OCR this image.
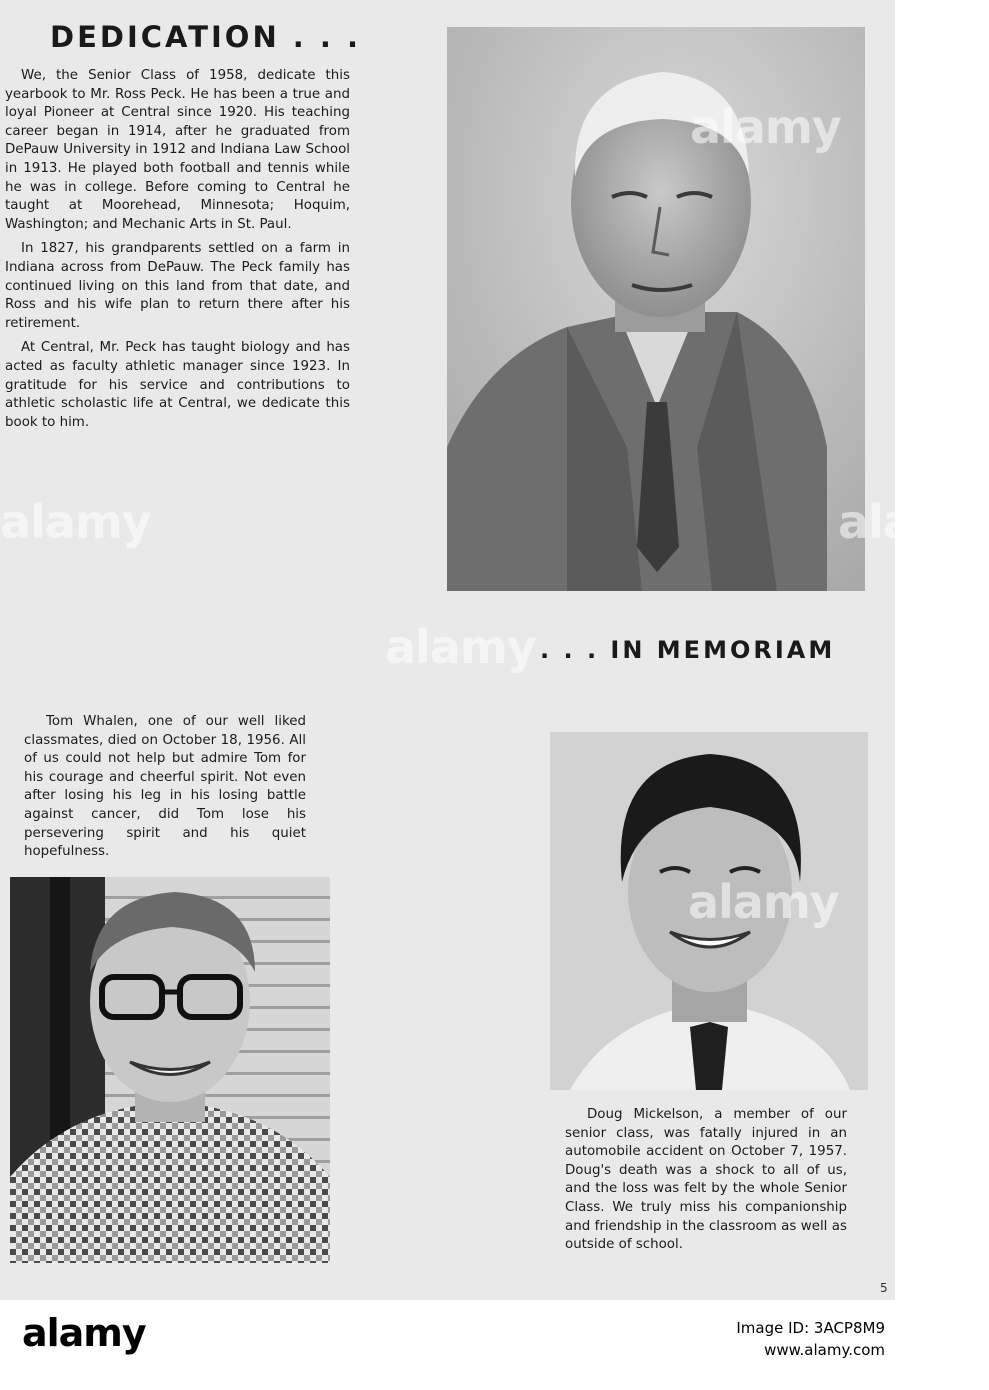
DEDICATION . . .

We, the Senior Class of 1958, dedicate this yearbook to Mr. Ross Peck. He has been a true and loyal Pioneer at Central since 1920. His teaching career began in 1914, after he graduated from DePauw University in 1912 and Indiana Law School in 1913. He played both football and tennis while he was in college. Before coming to Central he taught at Moorehead, Minnesota; Hoquim, Washington; and Mechanic Arts in St. Paul.

In 1827, his grandparents settled on a farm in Indiana across from DePauw. The Peck family has continued living on this land from that date, and Ross and his wife plan to return there after his retirement.

At Central, Mr. Peck has taught biology and has acted as faculty athletic manager since 1923. In gratitude for his service and contributions to athletic scholastic life at Central, we dedicate this book to him.

. . . IN MEMORIAM

Tom Whalen, one of our well liked classmates, died on October 18, 1956. All of us could not help but admire Tom for his courage and cheerful spirit. Not even after losing his leg in his losing battle against cancer, did Tom lose his persevering spirit and his quiet hopefulness.

Doug Mickelson, a member of our senior class, was fatally injured in an automobile accident on October 7, 1957. Doug's death was a shock to all of us, and the loss was felt by the whole Senior Class. We truly miss his companionship and friendship in the classroom as well as outside of school.

5
alamy
alamy
alamy
alamy	alamy
alamy	Image ID: 3ACP8M9
www.alamy.com
